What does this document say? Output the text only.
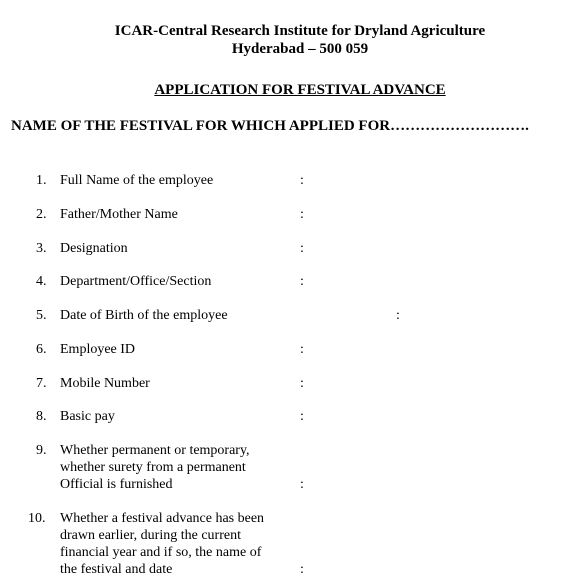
ICAR-Central Research Institute for Dryland Agriculture
Hyderabad – 500 059
APPLICATION FOR FESTIVAL ADVANCE
NAME OF THE FESTIVAL FOR WHICH APPLIED FOR……………………….
1. Full Name of the employee	:
2. Father/Mother Name	:
3. Designation	:
4. Department/Office/Section	:
5. Date of Birth of the employee	:
6. Employee ID	:
7. Mobile Number	:
8. Basic pay	:
9. Whether permanent or temporary, whether surety from a permanent Official is furnished	:
10. Whether a festival advance has been drawn earlier, during the current financial year and if so, the name of the festival and date	:
